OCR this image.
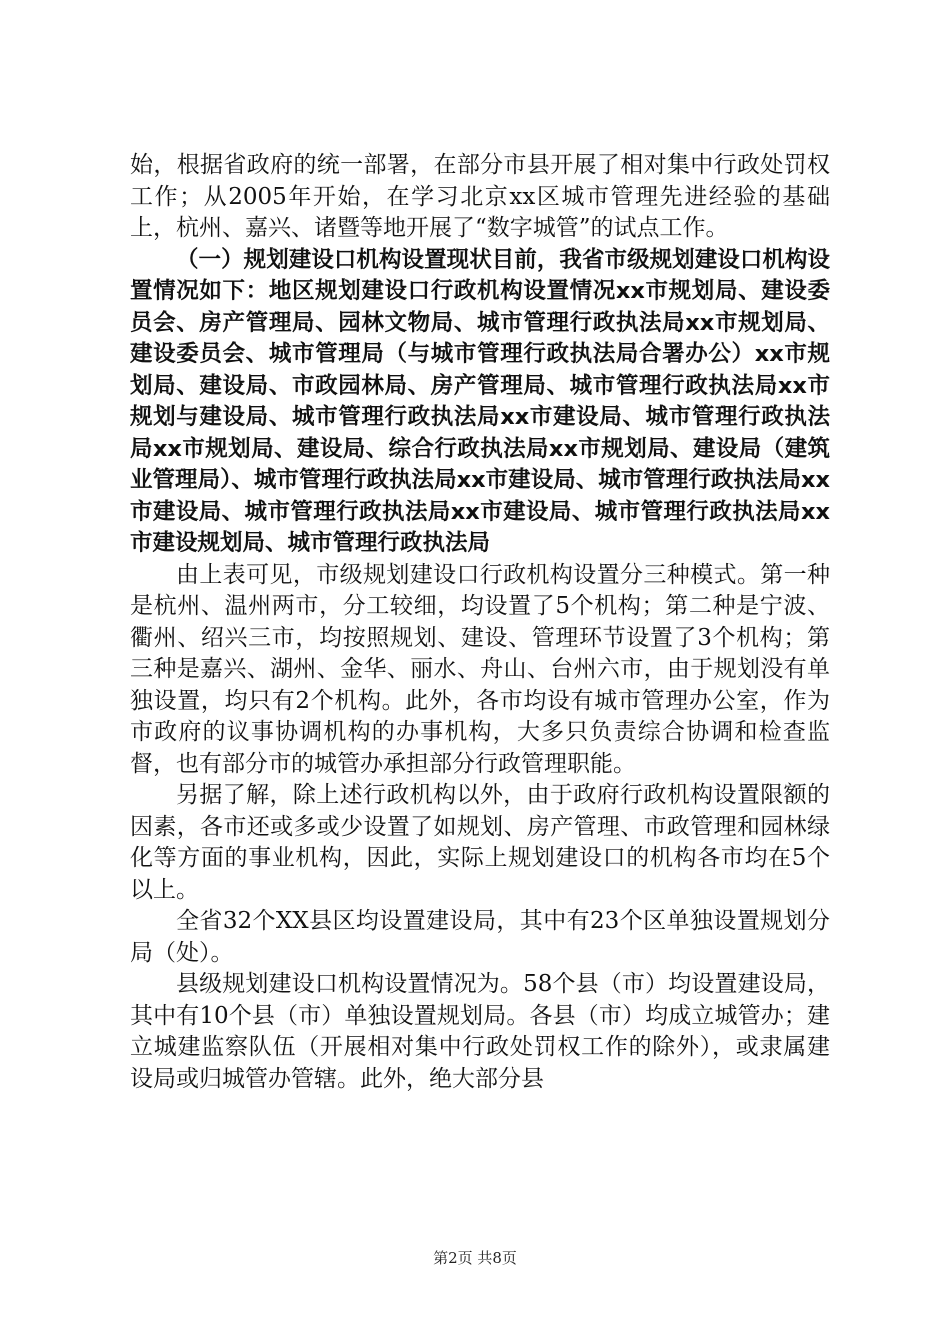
始，根据省政府的统一部署，在部分市县开展了相对集中行政处罚权工作；从2005年开始，在学习北京xx区城市管理先进经验的基础上，杭州、嘉兴、诸暨等地开展了“数字城管”的试点工作。

（一）规划建设口机构设置现状目前，我省市级规划建设口机构设置情况如下：地区规划建设口行政机构设置情况xx市规划局、建设委员会、房产管理局、园林文物局、城市管理行政执法局xx市规划局、建设委员会、城市管理局（与城市管理行政执法局合署办公）xx市规划局、建设局、市政园林局、房产管理局、城市管理行政执法局xx市规划与建设局、城市管理行政执法局xx市建设局、城市管理行政执法局xx市规划局、建设局、综合行政执法局xx市规划局、建设局（建筑业管理局）、城市管理行政执法局xx市建设局、城市管理行政执法局xx市建设局、城市管理行政执法局xx市建设局、城市管理行政执法局xx市建设规划局、城市管理行政执法局

由上表可见，市级规划建设口行政机构设置分三种模式。第一种是杭州、温州两市，分工较细，均设置了5个机构；第二种是宁波、衢州、绍兴三市，均按照规划、建设、管理环节设置了3个机构；第三种是嘉兴、湖州、金华、丽水、舟山、台州六市，由于规划没有单独设置，均只有2个机构。此外，各市均设有城市管理办公室，作为市政府的议事协调机构的办事机构，大多只负责综合协调和检查监督，也有部分市的城管办承担部分行政管理职能。

另据了解，除上述行政机构以外，由于政府行政机构设置限额的因素，各市还或多或少设置了如规划、房产管理、市政管理和园林绿化等方面的事业机构，因此，实际上规划建设口的机构各市均在5个以上。

全省32个XX县区均设置建设局，其中有23个区单独设置规划分局（处）。

县级规划建设口机构设置情况为。58个县（市）均设置建设局，其中有10个县（市）单独设置规划局。各县（市）均成立城管办；建立城建监察队伍（开展相对集中行政处罚权工作的除外），或隶属建设局或归城管办管辖。此外，绝大部分县

第2页 共8页
